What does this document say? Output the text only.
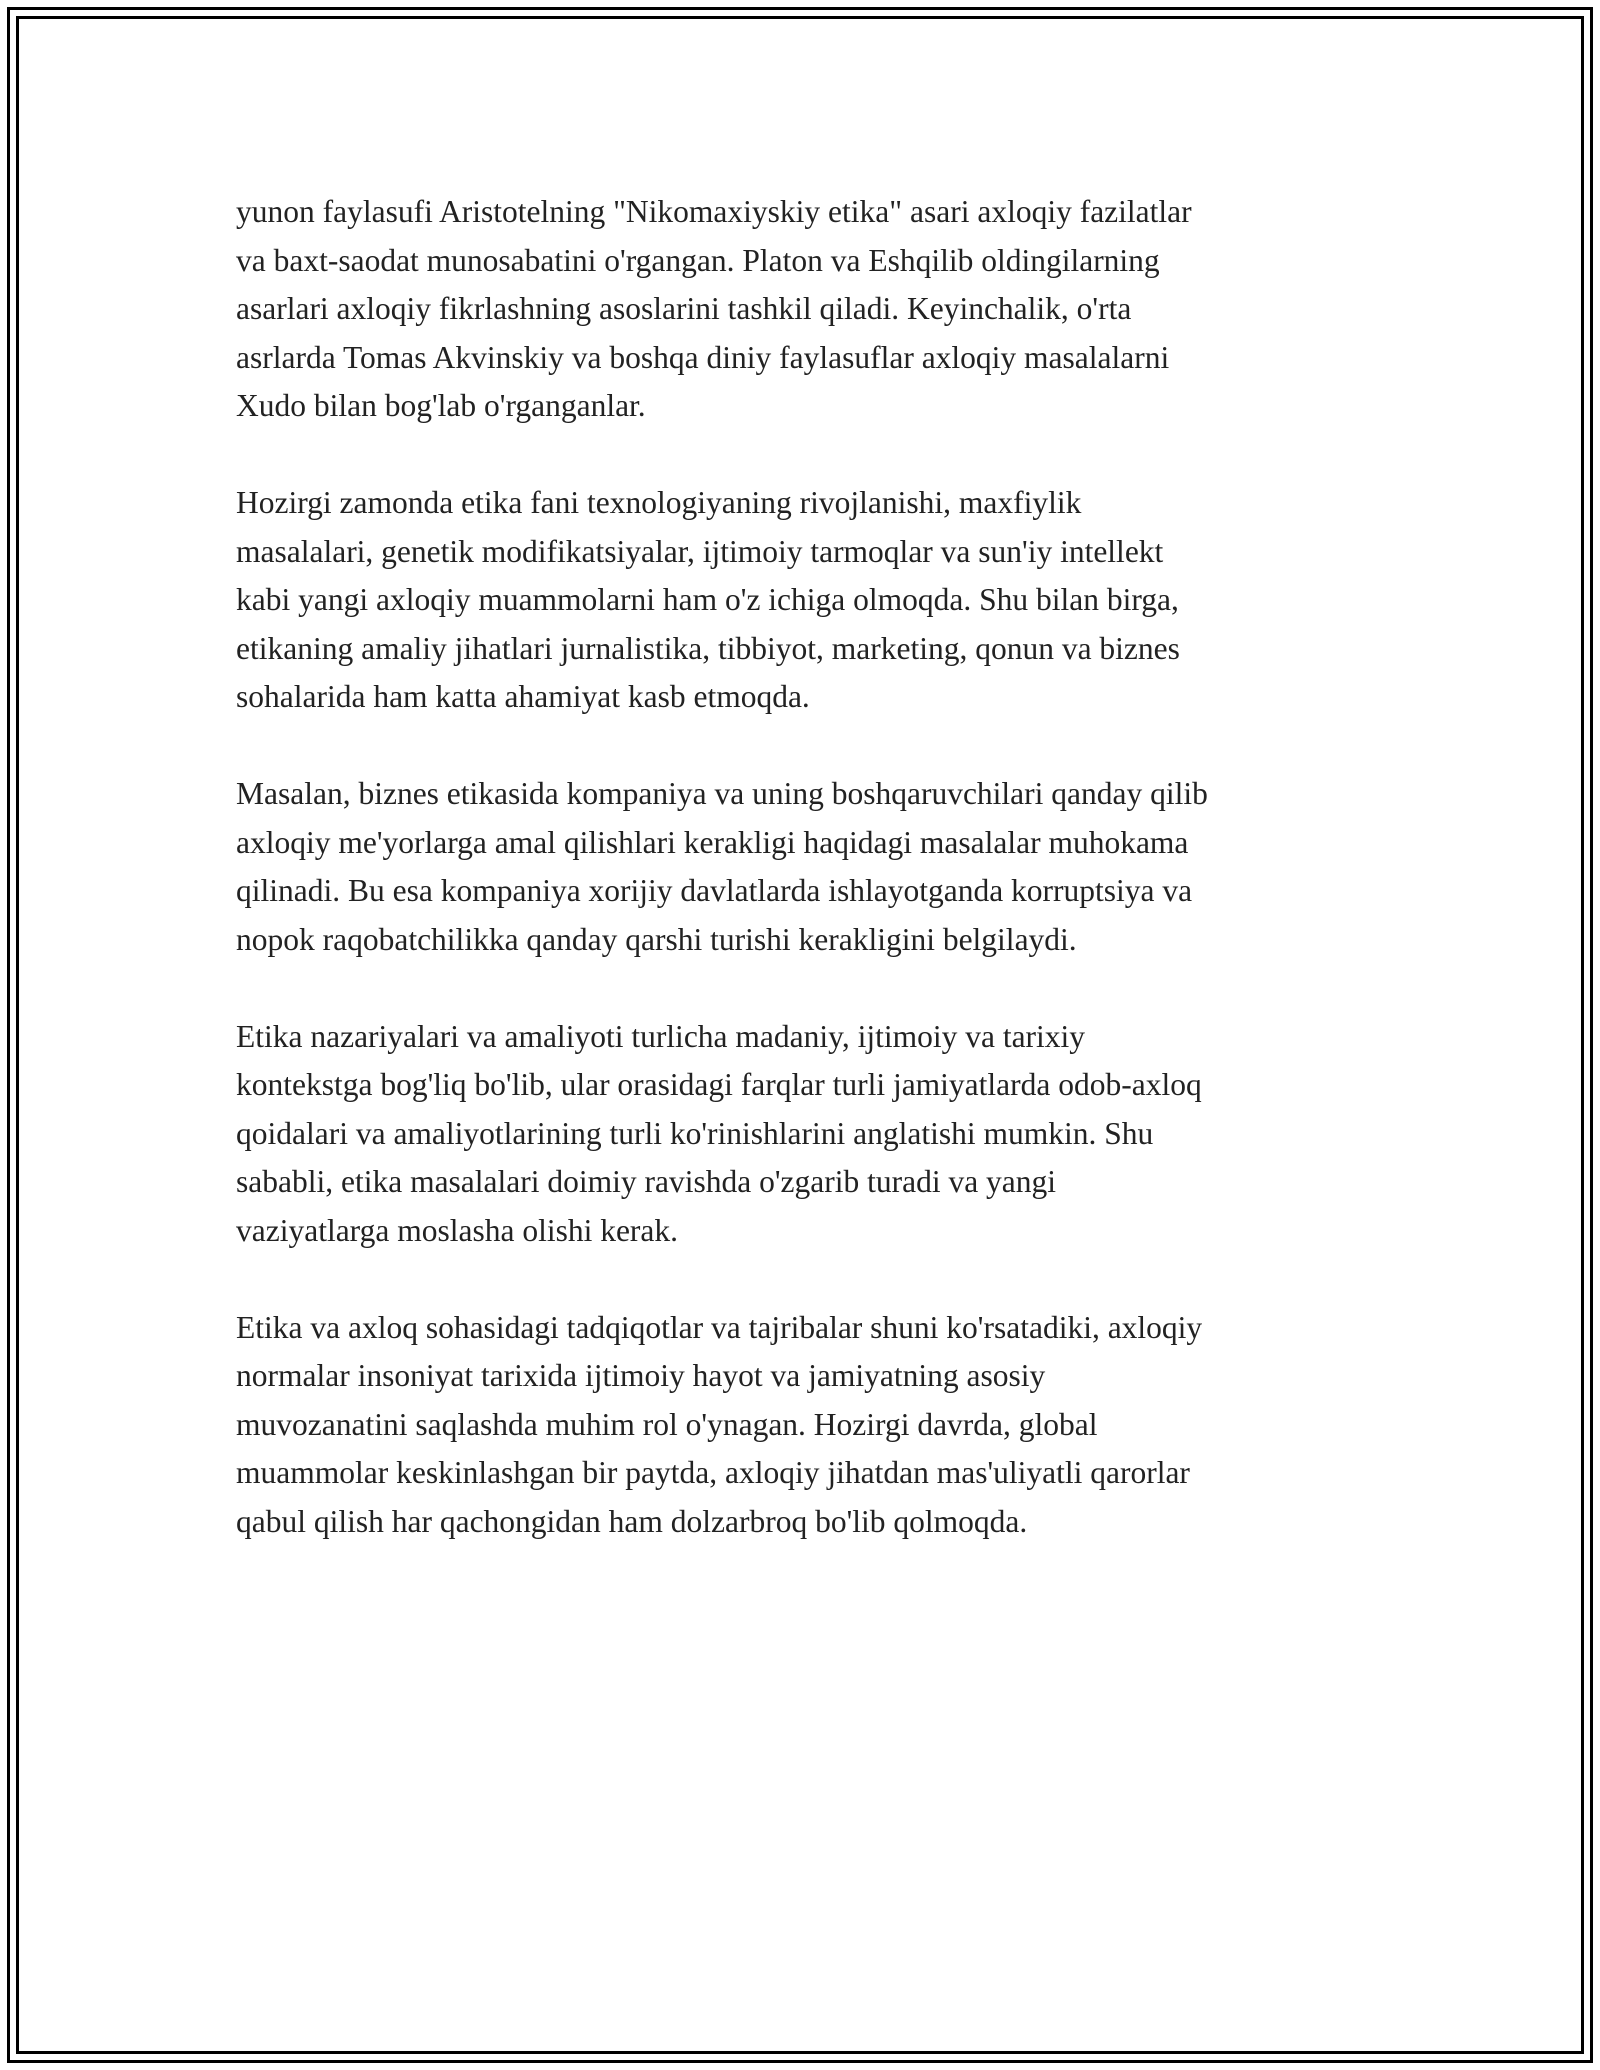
yunon faylasufi Aristotelning "Nikomaxiyskiy etika" asari axloqiy fazilatlar
va baxt-saodat munosabatini o'rgangan. Platon va Eshqilib oldingilarning
asarlari axloqiy fikrlashning asoslarini tashkil qiladi. Keyinchalik, o'rta
asrlarda Tomas Akvinskiy va boshqa diniy faylasuflar axloqiy masalalarni
Xudo bilan bog'lab o'rganganlar.

Hozirgi zamonda etika fani texnologiyaning rivojlanishi, maxfiylik
masalalari, genetik modifikatsiyalar, ijtimoiy tarmoqlar va sun'iy intellekt
kabi yangi axloqiy muammolarni ham o'z ichiga olmoqda. Shu bilan birga,
etikaning amaliy jihatlari jurnalistika, tibbiyot, marketing, qonun va biznes
sohalarida ham katta ahamiyat kasb etmoqda.

Masalan, biznes etikasida kompaniya va uning boshqaruvchilari qanday qilib
axloqiy me'yorlarga amal qilishlari kerakligi haqidagi masalalar muhokama
qilinadi. Bu esa kompaniya xorijiy davlatlarda ishlayotganda korruptsiya va
nopok raqobatchilikka qanday qarshi turishi kerakligini belgilaydi.

Etika nazariyalari va amaliyoti turlicha madaniy, ijtimoiy va tarixiy
kontekstga bog'liq bo'lib, ular orasidagi farqlar turli jamiyatlarda odob-axloq
qoidalari va amaliyotlarining turli ko'rinishlarini anglatishi mumkin. Shu
sababli, etika masalalari doimiy ravishda o'zgarib turadi va yangi
vaziyatlarga moslasha olishi kerak.

Etika va axloq sohasidagi tadqiqotlar va tajribalar shuni ko'rsatadiki, axloqiy
normalar insoniyat tarixida ijtimoiy hayot va jamiyatning asosiy
muvozanatini saqlashda muhim rol o'ynagan. Hozirgi davrda, global
muammolar keskinlashgan bir paytda, axloqiy jihatdan mas'uliyatli qarorlar
qabul qilish har qachongidan ham dolzarbroq bo'lib qolmoqda.
